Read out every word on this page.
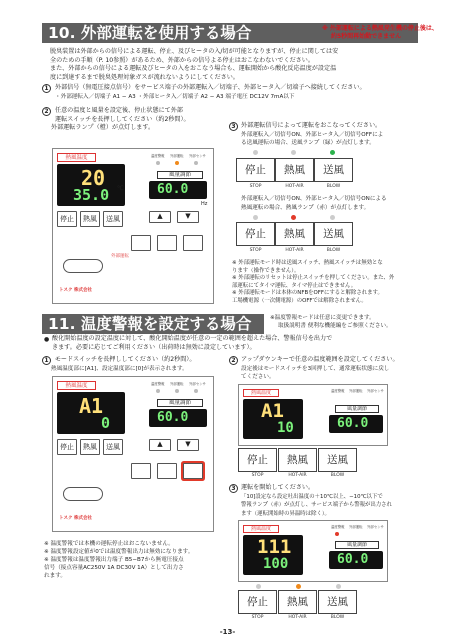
10. 外部運転を使用する場合	※ 外部運転による熱風発生機の停止後は、
約5秒間再始動できません
脱臭装置は外部からの信号による運転、停止、及びヒータの入/切が可能となりますが、停止に関しては安
全のための手順（P. 10参照）があるため、外部からの信号よる停止はおこなわないでください。
また、外部からの信号による運転及びヒータの入をおこなう場合も、運転開始から酸化反応温度が設定温
度に到達するまで脱臭処理対象ガスが流れないようにしてください。
1	外部信号（無電圧接点信号）をサービス端子の外部運転入／切端子、外部ヒータ入／切端子へ接続してください。
・外部運転入／切端子 A1 − A3 ・外部ヒータ入／切端子 A2 − A3 端子電圧 DC12V 7mA以下
2	任意の温度と風量を設定後、停止状態にて外部
運転スイッチを長押ししてください（約2秒間）。
外部運転ランプ（橙）が点灯します。
熱風温度
20
35.0 ℃
温度警報 外部運転 外部センサ
風量調節
60.0
Hz
停止	熱風	送風	▲	▼
外部運転
トスク 株式会社
3 外部運転信号によって運転をおこなってください。
外部運転入／切信号ON、外部ヒータ入／切信号OFFによ
る送風運転の場合、送風ランプ（緑）が点灯します。
停止	熱風	送風
STOP	HOT-AIR	BLOW
外部運転入／切信号ON、外部ヒータ入／切信号ONによる
熱風運転の場合、熱風ランプ（赤）が点灯します。
停止	熱風	送風
STOP	HOT-AIR	BLOW
※ 外部運転モード時は送風スイッチ、熱風スイッチは無効とな
ります（操作できません）。
※ 外部運転のリセットは停止スイッチを押してください。また、外
部運転にてタイマ運転、タイマ停止はできません。
※ 外部運転モードは本体のNFBをOFFにすると解除されます。
工場機電源（一次側電源）のOFFでは解除されません。
11. 温度警報を設定する場合	※温度警報モードは任意に変更できます。
取扱説明書 便利な機能編をご参照ください。
● 酸化開始温度の設定温度に対して、酸化開始温度が任意の一定の範囲を超えた場合、警報信号を出力で
きます。必要に応じてご利用ください（出荷時は無効に設定しています）。
1	モードスイッチを長押ししてください（約2秒間）。
熱風温度部に[A1]、設定温度部に[0]が表示されます。
熱風温度
A1
0
温度警報 外部運転 外部センサ
風量調節
60.0
停止	熱風	送風	▲	▼
トスク 株式会社
2 アップダウンキーで任意の温度範囲を設定してください。
設定後はモードスイッチを3回押して、通常運転状態に戻し
てください。
熱風温度
A1
10
温度警報 外部運転 外部センサ
風量調節
60.0
停止	熱風	送風
STOP	HOT-AIR	BLOW
3 運転を開始してください。
「10]設定なら設定吐出温度の＋10℃以上、−10℃以下で
警報ランプ（赤）が点灯し、サービス端子から警報が出力され
ます（運転開始時の昇温時は除く）。
熱風温度
111
100
温度警報 外部運転 外部センサ
風量調節
60.0
停止	熱風	送風
STOP	HOT-AIR	BLOW
※ 温度警報では本機の運転停止はおこないません。
※ 温度警報設定値が0では温度警報出力は無効になります。
※ 温度警報は温度警報出力端子 B5−B7から無電圧接点
信号（接点容量AC250V 1A DC30V 1A）として出力さ
れます。
-13-
